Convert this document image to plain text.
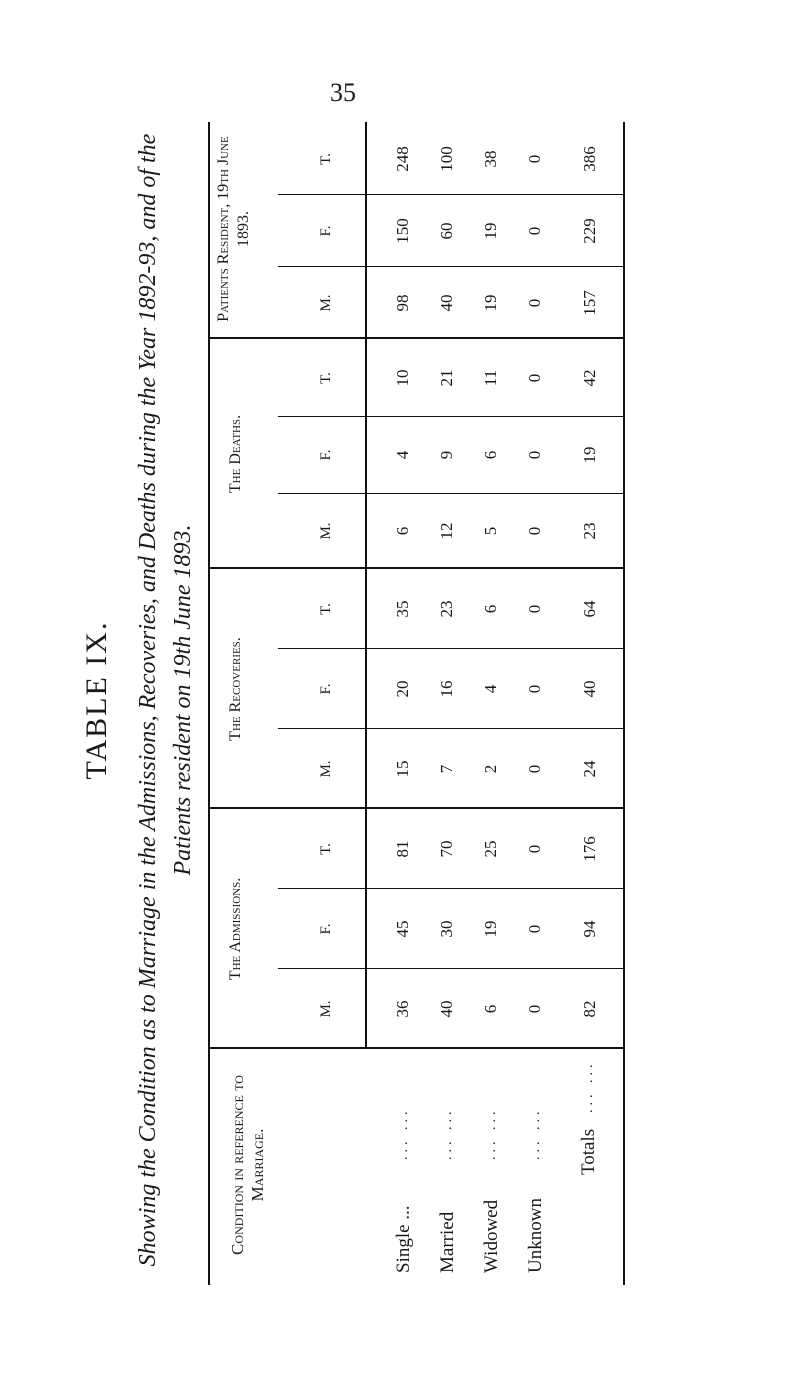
35
TABLE IX. Showing the Condition as to Marriage in the Admissions, Recoveries, and Deaths during the Year 1892-93, and of the Patients resident on 19th June 1893.
Condition in reference to Marriage.
The Admissions.
The Recoveries.
The Deaths.
Patients Resident, 19th June 1893.
M.
F.
T.
M.
F.
T.
M.
F.
T.
M.
F.
T.
Single ...
... ...
Married
... ...
Widowed
... ...
Unknown
... ... Totals
... ...
36
45
81
15
20
35
6
4
10
98
150
248
40
30
70
7
16
23
12
9
21
40
60
100
6
19
25
2
4
6
5
6
11
19
19
38
0
0
0
0
0
0
0
0
0
0
0
0
82
94
176
24
40
64
23
19
42
157
229
386
